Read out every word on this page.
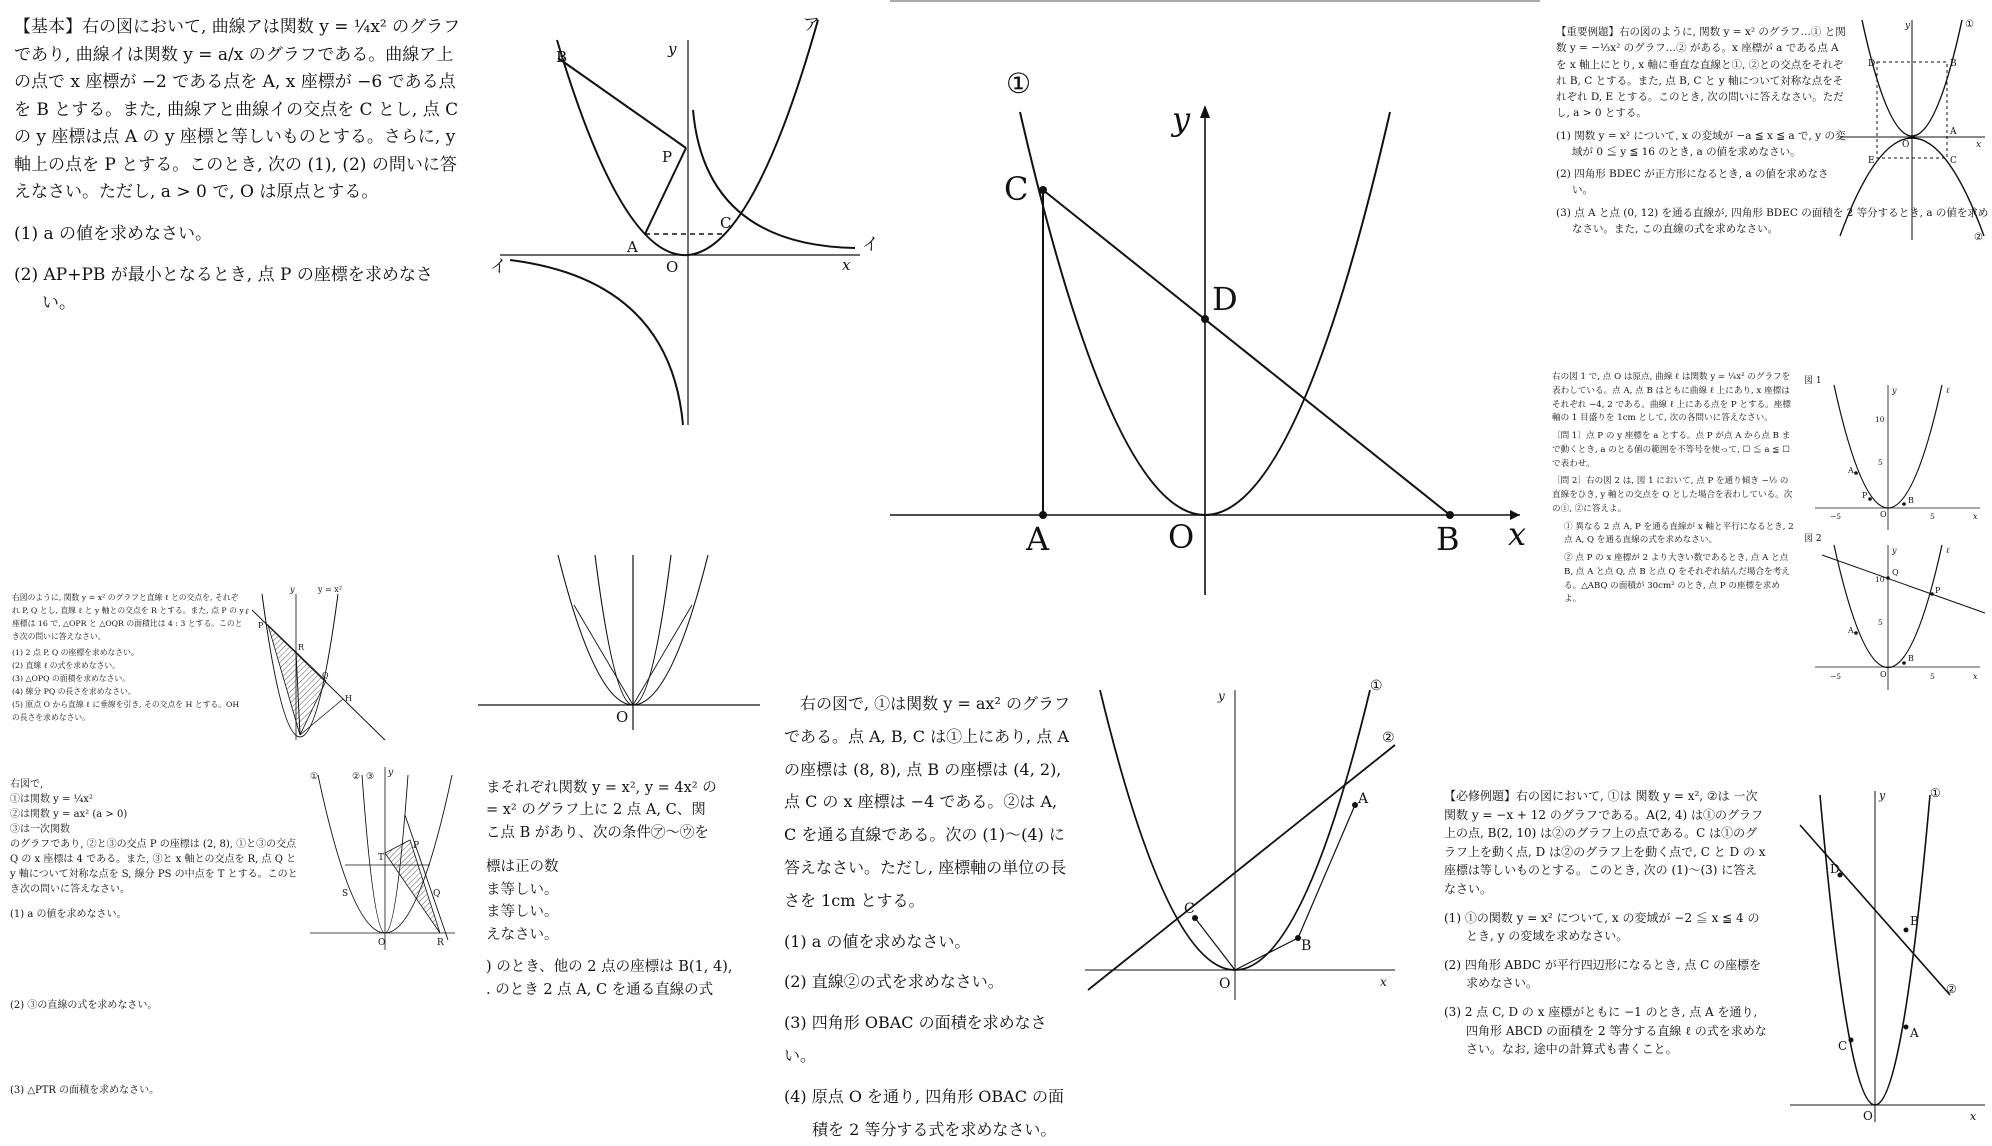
【基本】右の図において, 曲線アは関数 y = ¼x² のグラフであり, 曲線イは関数 y = a/x のグラフである。曲線ア上の点で x 座標が −2 である点を A, x 座標が −6 である点を B とする。また, 曲線アと曲線イの交点を C とし, 点 C の y 座標は点 A の y 座標と等しいものとする。さらに, y 軸上の点を P とする。このとき, 次の (1), (2) の問いに答えなさい。ただし, a > 0 で, O は原点とする。

(1) a の値を求めなさい。

(2) AP+PB が最小となるとき, 点 P の座標を求めなさい。

ア
イ
イ
y
x
B
P
A
C
O
①
y
C
D
A	O	B x

【重要例題】右の図のように, 関数 y = x² のグラフ…① と関数 y = −⅓x² のグラフ…② がある。x 座標が a である点 A を x 軸上にとり, x 軸に垂直な直線と①, ②との交点をそれぞれ B, C とする。また, 点 B, C と y 軸について対称な点をそれぞれ D, E とする。このとき, 次の問いに答えなさい。ただし, a > 0 とする。

(1) 関数 y = x² について, x の変域が −a ≦ x ≦ a で, y の変域が 0 ≦ y ≦ 16 のとき, a の値を求めなさい。

(2) 四角形 BDEC が正方形になるとき, a の値を求めなさい。

(3) 点 A と点 (0, 12) を通る直線が, 四角形 BDEC の面積を 2 等分するとき, a の値を求めなさい。また, この直線の式を求めなさい。

①
②
y
x
D	B
A
O
E	C

右の図 1 で, 点 O は原点, 曲線 ℓ は関数 y = ¼x² のグラフを表わしている。点 A, 点 B はともに曲線 ℓ 上にあり, x 座標はそれぞれ −4, 2 である。曲線 ℓ 上にある点を P とする。座標軸の 1 目盛りを 1cm として, 次の各問いに答えなさい。

〔問 1〕点 P の y 座標を a とする。点 P が点 A から点 B まで動くとき, a のとる値の範囲を不等号を使って, ☐ ≦ a ≦ ☐ で表わせ。

〔問 2〕右の図 2 は, 図 1 において, 点 P を通り傾き −½ の直線をひき, y 軸との交点を Q とした場合を表わしている。次の①, ②に答えよ。

① 異なる 2 点 A, P を通る直線が x 軸と平行になるとき, 2 点 A, Q を通る直線の式を求めなさい。

② 点 P の x 座標が 2 より大きい数であるとき, 点 A と点 B, 点 A と点 Q, 点 B と点 Q をそれぞれ結んだ場合を考える。△ABQ の面積が 30cm² のとき, 点 P の座標を求めよ。

図 1
y
x
ℓ
10
5
−5	5
A
P
B
O
図 2
y
x
ℓ
10
5
−5	5
A
Q
P
B
O

右図のように, 関数 y = x² のグラフと直線 ℓ との交点を, それぞれ P, Q とし, 直線 ℓ と y 軸との交点を R とする。また, 点 P の y 座標は 16 で, △OPR と △OQR の面積比は 4 : 3 とする。このとき次の問いに答えなさい。

(1) 2 点 P, Q の座標を求めなさい。

(2) 直線 ℓ の式を求めなさい。

(3) △OPQ の面積を求めなさい。

(4) 線分 PQ の長さを求めなさい。

(5) 原点 O から直線 ℓ に垂線を引き, その交点を H とする。OH の長さを求めなさい。

y = x²
y
ℓ
P
R
Q
H
O

右図で,

①は関数 y = ¼x²

②は関数 y = ax² (a > 0)

③は一次関数

のグラフであり, ②と③の交点 P の座標は (2, 8), ①と③の交点 Q の x 座標は 4 である。また, ③と x 軸との交点を R, 点 Q と y 軸について対称な点を S, 線分 PS の中点を T とする。このとき次の問いに答えなさい。

(1) a の値を求めなさい。

(2) ③の直線の式を求めなさい。

(3) △PTR の面積を求めなさい。

①	② ③ y
P
T
S	Q
O	R

まそれぞれ関数 y = x², y = 4x² の

= x² のグラフ上に 2 点 A, C、関

こ点 B があり、次の条件㋐〜㋒を

標は正の数

ま等しい。

ま等しい。

えなさい。

) のとき、他の 2 点の座標は B(1, 4),

. のとき 2 点 A, C を通る直線の式

右の図で, ①は関数 y = ax² のグラフである。点 A, B, C は①上にあり, 点 A の座標は (8, 8), 点 B の座標は (4, 2), 点 C の x 座標は −4 である。②は A, C を通る直線である。次の (1)〜(4) に答えなさい。ただし, 座標軸の単位の長さを 1cm とする。

(1) a の値を求めなさい。

(2) 直線②の式を求めなさい。

(3) 四角形 OBAC の面積を求めなさい。

(4) 原点 O を通り, 四角形 OBAC の面積を 2 等分する式を求めなさい。

①
②
y
x
A
C
B
O

【必修例題】右の図において, ①は 関数 y = x², ②は 一次関数 y = −x + 12 のグラフである。A(2, 4) は①のグラフ上の点, B(2, 10) は②のグラフ上の点である。C は①のグラフ上を動く点, D は②のグラフ上を動く点で, C と D の x 座標は等しいものとする。このとき, 次の (1)〜(3) に答えなさい。

(1) ①の関数 y = x² について, x の変域が −2 ≦ x ≦ 4 のとき, y の変域を求めなさい。

(2) 四角形 ABDC が平行四辺形になるとき, 点 C の座標を求めなさい。

(3) 2 点 C, D の x 座標がともに −1 のとき, 点 A を通り, 四角形 ABCD の面積を 2 等分する直線 ℓ の式を求めなさい。なお, 途中の計算式も書くこと。

①
②
y
x
D
B
A
C
O
